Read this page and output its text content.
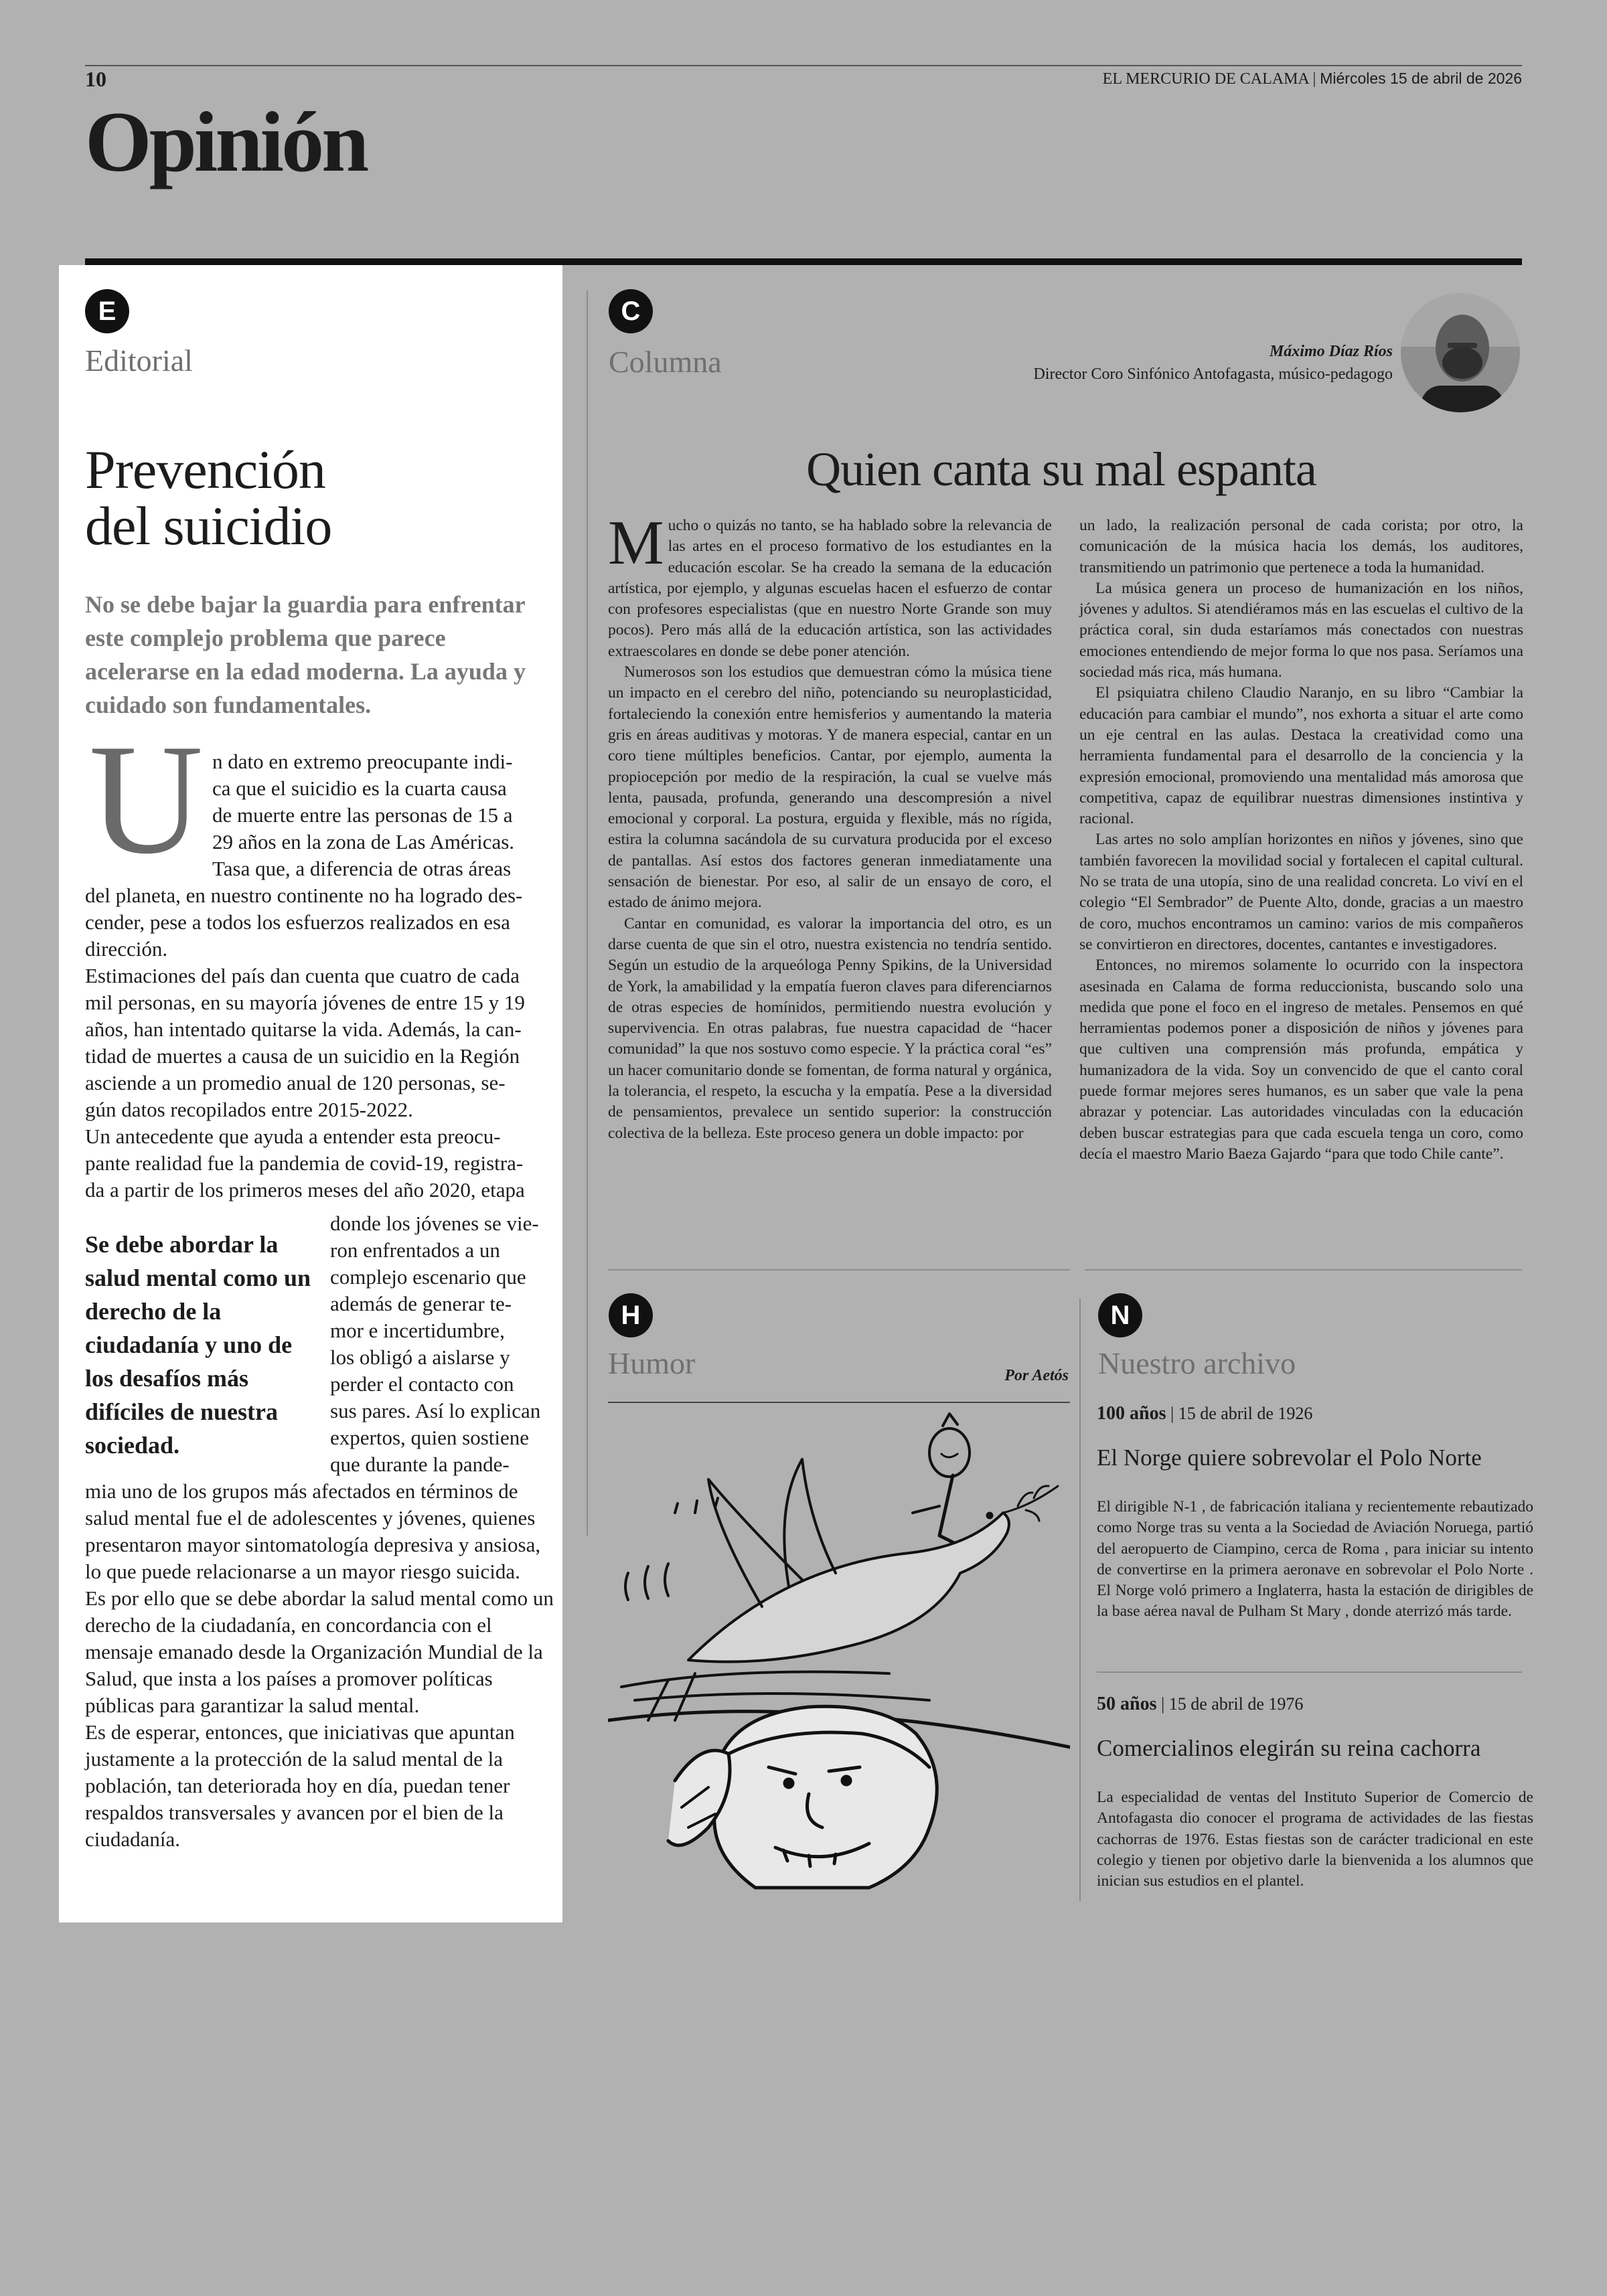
10	EL MERCURIO DE CALAMA | Miércoles 15 de abril de 2026
Opinión
E
Editorial
Prevención
del suicidio
No se debe bajar la guardia para enfrentar este complejo problema que parece acelerarse en la edad moderna. La ayuda y cuidado son fundamentales.
U n dato en extremo preocupante indi-
ca que el suicidio es la cuarta causa
de muerte entre las personas de 15 a
29 años en la zona de Las Américas.
Tasa que, a diferencia de otras áreas
del planeta, en nuestro continente no ha logrado des-
cender, pese a todos los esfuerzos realizados en esa
dirección.
Estimaciones del país dan cuenta que cuatro de cada
mil personas, en su mayoría jóvenes de entre 15 y 19
años, han intentado quitarse la vida. Además, la can-
tidad de muertes a causa de un suicidio en la Región
asciende a un promedio anual de 120 personas, se-
gún datos recopilados entre 2015-2022.
Un antecedente que ayuda a entender esta preocu-
pante realidad fue la pandemia de covid-19, registra-
da a partir de los primeros meses del año 2020, etapa
Se debe abordar la salud mental como un derecho de la ciudadanía y uno de los desafíos más difíciles de nuestra sociedad.
donde los jóvenes se vie-
ron enfrentados a un
complejo escenario que
además de generar te-
mor e incertidumbre,
los obligó a aislarse y
perder el contacto con
sus pares. Así lo explican
expertos, quien sostiene
que durante la pande-
mia uno de los grupos más afectados en términos de salud mental fue el de adolescentes y jóvenes, quienes presentaron mayor sintomatología depresiva y ansiosa, lo que puede relacionarse a un mayor riesgo suicida.
Es por ello que se debe abordar la salud mental como un derecho de la ciudadanía, en concordancia con el mensaje emanado desde la Organización Mundial de la Salud, que insta a los países a promover políticas públicas para garantizar la salud mental.
Es de esperar, entonces, que iniciativas que apuntan justamente a la protección de la salud mental de la población, tan deteriorada hoy en día, puedan tener respaldos transversales y avancen por el bien de la ciudadanía.
C
Columna	Máximo Díaz Ríos
Director Coro Sinfónico Antofagasta, músico-pedagogo
Quien canta su mal espanta

Mucho o quizás no tanto, se ha hablado sobre la relevancia de las artes en el proceso formativo de los estudiantes en la educación escolar. Se ha creado la semana de la educación artística, por ejemplo, y algunas escuelas hacen el esfuerzo de contar con profesores especialistas (que en nuestro Norte Grande son muy pocos). Pero más allá de la educación artística, son las actividades extraescolares en donde se debe poner atención.

Numerosos son los estudios que demuestran cómo la música tiene un impacto en el cerebro del niño, potenciando su neuroplasticidad, fortaleciendo la conexión entre hemisferios y aumentando la materia gris en áreas auditivas y motoras. Y de manera especial, cantar en un coro tiene múltiples beneficios. Cantar, por ejemplo, aumenta la propiocepción por medio de la respiración, la cual se vuelve más lenta, pausada, profunda, generando una descompresión a nivel emocional y corporal. La postura, erguida y flexible, más no rígida, estira la columna sacándola de su curvatura producida por el exceso de pantallas. Así estos dos factores generan inmediatamente una sensación de bienestar. Por eso, al salir de un ensayo de coro, el estado de ánimo mejora.

Cantar en comunidad, es valorar la importancia del otro, es un darse cuenta de que sin el otro, nuestra existencia no tendría sentido. Según un estudio de la arqueóloga Penny Spikins, de la Universidad de York, la amabilidad y la empatía fueron claves para diferenciarnos de otras especies de homínidos, permitiendo nuestra evolución y supervivencia. En otras palabras, fue nuestra capacidad de “hacer comunidad” la que nos sostuvo como especie. Y la práctica coral “es” un hacer comunitario donde se fomentan, de forma natural y orgánica, la tolerancia, el respeto, la escucha y la empatía. Pese a la diversidad de pensamientos, prevalece un sentido superior: la construcción colectiva de la belleza. Este proceso genera un doble impacto: por

un lado, la realización personal de cada corista; por otro, la comunicación de la música hacia los demás, los auditores, transmitiendo un patrimonio que pertenece a toda la humanidad.

La música genera un proceso de humanización en los niños, jóvenes y adultos. Si atendiéramos más en las escuelas el cultivo de la práctica coral, sin duda estaríamos más conectados con nuestras emociones entendiendo de mejor forma lo que nos pasa. Seríamos una sociedad más rica, más humana.

El psiquiatra chileno Claudio Naranjo, en su libro “Cambiar la educación para cambiar el mundo”, nos exhorta a situar el arte como un eje central en las aulas. Destaca la creatividad como una herramienta fundamental para el desarrollo de la conciencia y la expresión emocional, promoviendo una mentalidad más amorosa que competitiva, capaz de equilibrar nuestras dimensiones instintiva y racional.

Las artes no solo amplían horizontes en niños y jóvenes, sino que también favorecen la movilidad social y fortalecen el capital cultural. No se trata de una utopía, sino de una realidad concreta. Lo viví en el colegio “El Sembrador” de Puente Alto, donde, gracias a un maestro de coro, muchos encontramos un camino: varios de mis compañeros se convirtieron en directores, docentes, cantantes e investigadores.

Entonces, no miremos solamente lo ocurrido con la inspectora asesinada en Calama de forma reduccionista, buscando solo una medida que pone el foco en el ingreso de metales. Pensemos en qué herramientas podemos poner a disposición de niños y jóvenes para que cultiven una comprensión más profunda, empática y humanizadora de la vida. Soy un convencido de que el canto coral puede formar mejores seres humanos, es un saber que vale la pena abrazar y potenciar. Las autoridades vinculadas con la educación deben buscar estrategias para que cada escuela tenga un coro, como decía el maestro Mario Baeza Gajardo “para que todo Chile cante”.

H
Humor	Por Aetós
N
Nuestro archivo
100 años | 15 de abril de 1926
El Norge quiere sobrevolar el Polo Norte
El dirigible N-1 , de fabricación italiana y recientemente rebautizado como Norge tras su venta a la Sociedad de Aviación Noruega, partió del aeropuerto de Ciampino, cerca de Roma , para iniciar su intento de convertirse en la primera aeronave en sobrevolar el Polo Norte . El Norge voló primero a Inglaterra, hasta la estación de dirigibles de la base aérea naval de Pulham St Mary , donde aterrizó más tarde.
50 años | 15 de abril de 1976
Comercialinos elegirán su reina cachorra
La especialidad de ventas del Instituto Superior de Comercio de Antofagasta dio conocer el programa de actividades de las fiestas cachorras de 1976. Estas fiestas son de carácter tradicional en este colegio y tienen por objetivo darle la bienvenida a los alumnos que inician sus estudios en el plantel.
